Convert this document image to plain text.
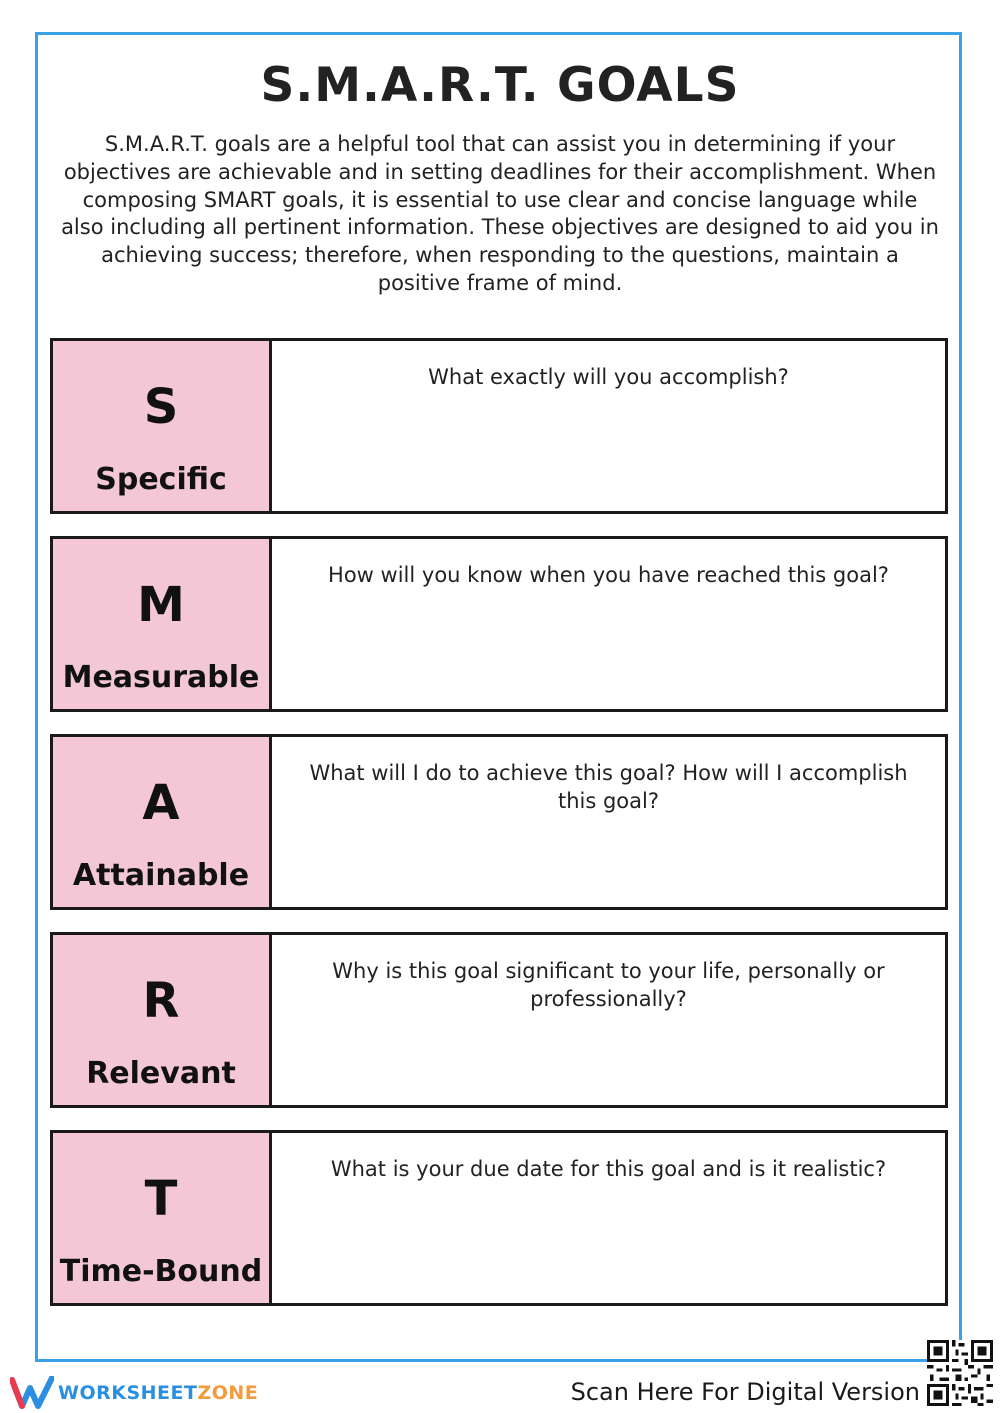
S.M.A.R.T. GOALS
S.M.A.R.T. goals are a helpful tool that can assist you in determining if your objectives are achievable and in setting deadlines for their accomplishment. When composing SMART goals, it is essential to use clear and concise language while also including all pertinent information. These objectives are designed to aid you in achieving success; therefore, when responding to the questions, maintain a positive frame of mind.
S
Specific
What exactly will you accomplish?
M
Measurable
How will you know when you have reached this goal?
A
Attainable
What will I do to achieve this goal? How will I accomplish this goal?
R
Relevant
Why is this goal significant to your life, personally or professionally?
T
Time-Bound
What is your due date for this goal and is it realistic?
WORKSHEETZONE	Scan Here For Digital Version
